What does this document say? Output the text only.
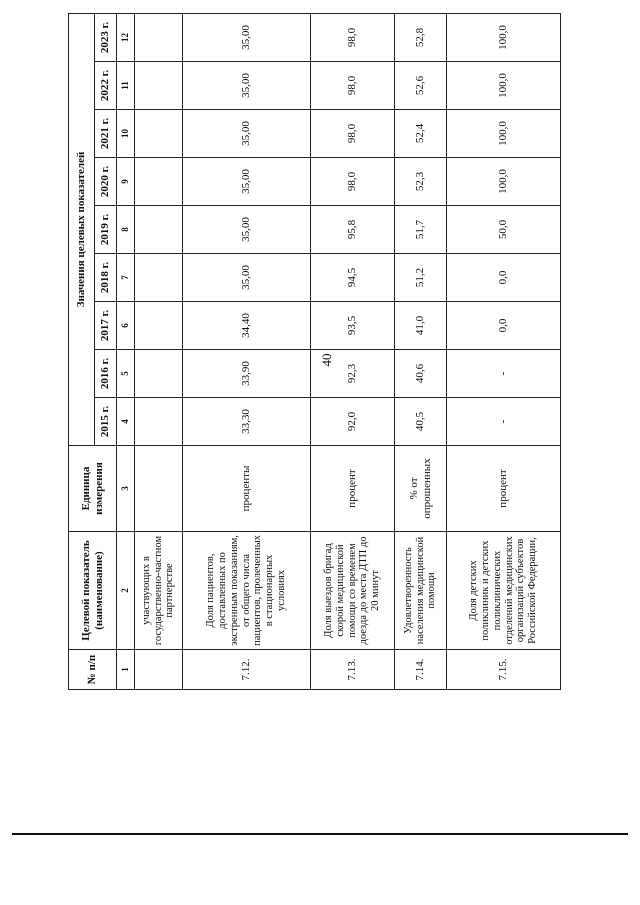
40
№ п/п	Целевой показатель (наименование)	Единица измерения	Значения целевых показателей								
			2015 г.	2016 г.	2017 г.	2018 г.	2019 г.	2020 г.	2021 г.	2022 г.	2023 г.
1	2	3	4	5	6	7	8	9	10	11	12
	участвующих в государственно-частном партнерстве										
7.12.	Доля пациентов, доставленных по экстренным показаниям, от общего числа пациентов, пролеченных в стационарных условиях	проценты	33,30	33,90	34,40	35,00	35,00	35,00	35,00	35,00	35,00
7.13.	Доля выездов бригад скорой медицинской помощи со временем доезда до места ДТП до 20 минут	процент	92,0	92,3	93,5	94,5	95,8	98,0	98,0	98,0	98,0
7.14.	Удовлетворенность населения медицинской помощи	% от опрошенных	40,5	40,6	41,0	51,2	51,7	52,3	52,4	52,6	52,8
7.15.	Доля детских поликлиник и детских поликлинических отделений медицинских организаций субъектов Российской Федерации,	процент	-	-	0,0	0,0	50,0	100,0	100,0	100,0	100,0
